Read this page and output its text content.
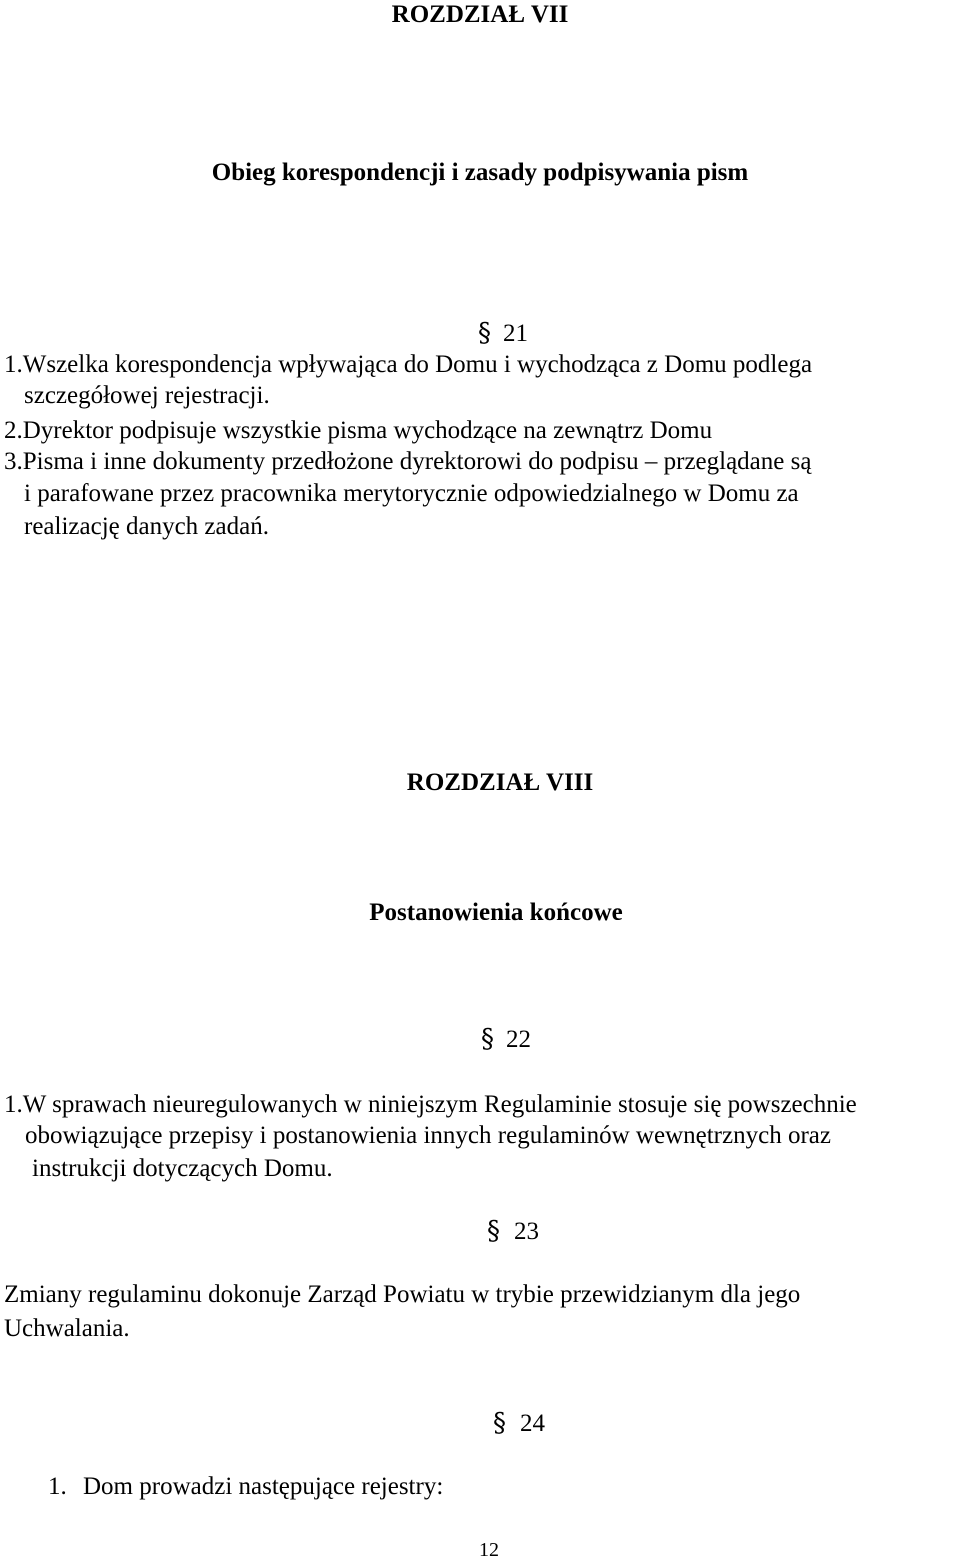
ROZDZIAŁ VII
Obieg korespondencji i zasady podpisywania pism
§ 21
1.Wszelka korespondencja wpływająca do Domu i wychodząca z Domu podlega
szczegółowej rejestracji.
2.Dyrektor podpisuje wszystkie pisma wychodzące na zewnątrz Domu
3.Pisma i inne dokumenty przedłożone dyrektorowi do podpisu – przeglądane są
i parafowane przez pracownika merytorycznie odpowiedzialnego w Domu za
realizację danych zadań.
ROZDZIAŁ VIII
Postanowienia końcowe
§ 22
1.W sprawach nieuregulowanych w niniejszym Regulaminie stosuje się powszechnie
obowiązujące przepisy i postanowienia innych regulaminów wewnętrznych oraz
instrukcji dotyczących Domu.
§ 23
Zmiany regulaminu dokonuje Zarząd Powiatu w trybie przewidzianym dla jego
Uchwalania.
§ 24
1. Dom prowadzi następujące rejestry:
12
